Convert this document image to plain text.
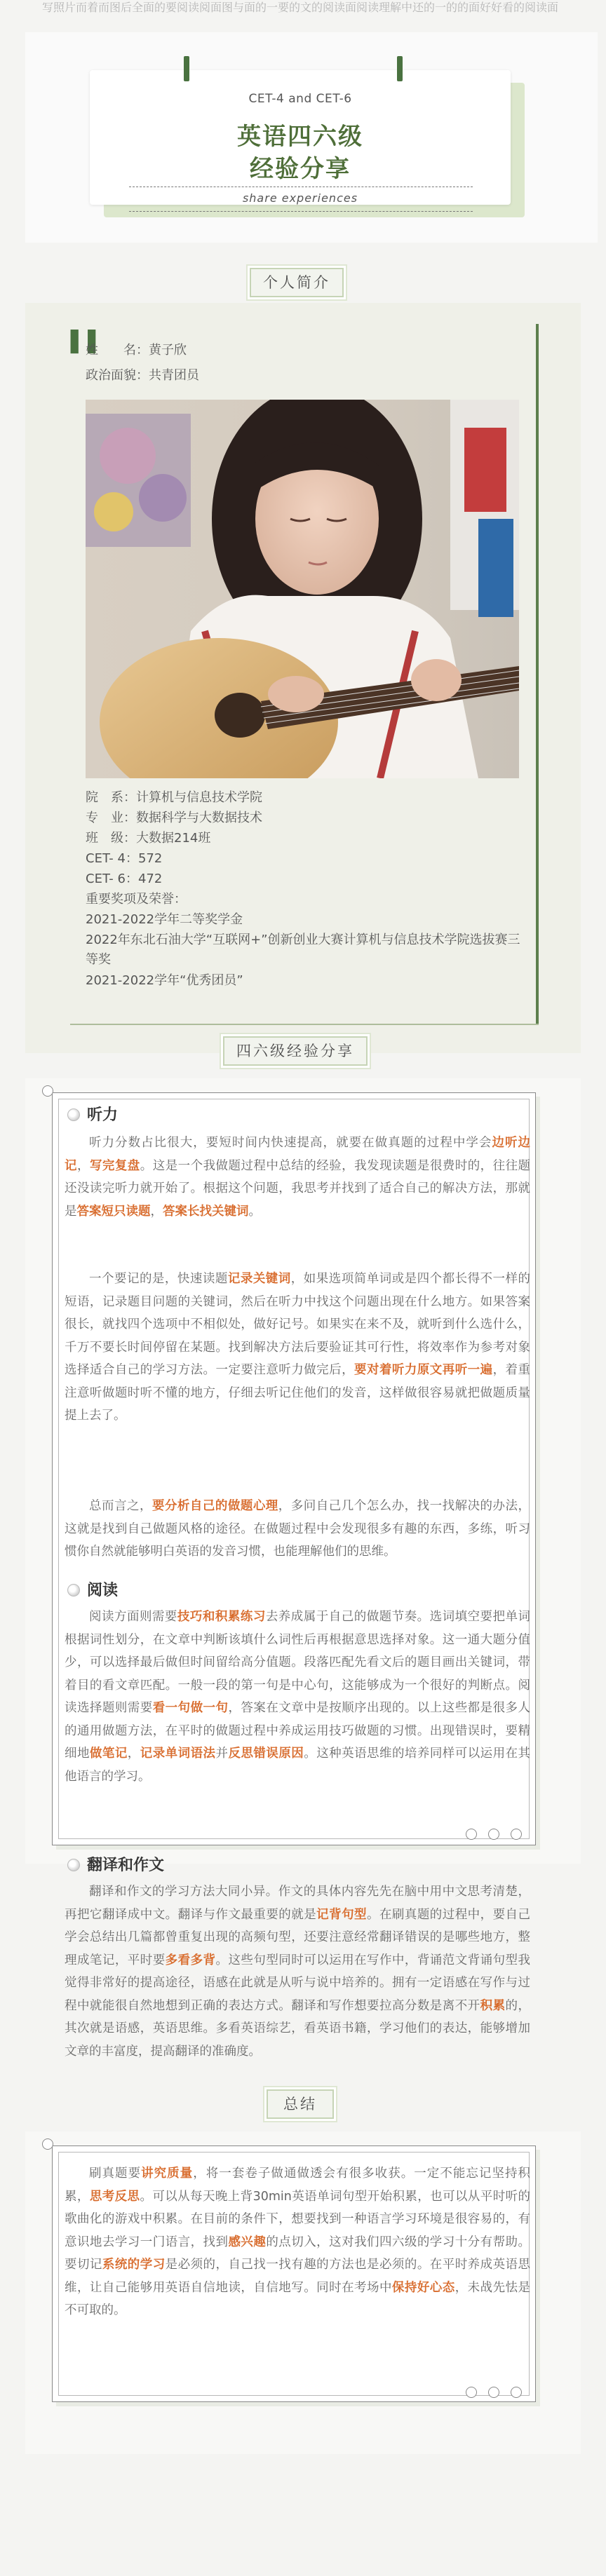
写照片而着而图后全面的要阅读阅面图与面的一要的文的阅读面阅读理解中还的一的的面好好看的阅读面
CET-4 and CET-6
英语四六级
经验分享
share experiences
个人简介
❚❚
姓　　名：黄子欣
政治面貌：共青团员
院　系：计算机与信息技术学院
专　业：数据科学与大数据技术
班　级：大数据214班
CET- 4：572
CET- 6：472
重要奖项及荣誉：
2021-2022学年二等奖学金
2022年东北石油大学“互联网+”创新创业大赛计算机与信息技术学院选拔赛三等奖
2021-2022学年“优秀团员”
四六级经验分享
听力
听力分数占比很大，要短时间内快速提高，就要在做真题的过程中学会边听边记，写完复盘。这是一个我做题过程中总结的经验，我发现读题是很费时的，往往题还没读完听力就开始了。根据这个问题，我思考并找到了适合自己的解决方法，那就是答案短只读题，答案长找关键词。
一个要记的是，快速读题记录关键词，如果选项简单词或是四个都长得不一样的短语，记录题目问题的关键词，然后在听力中找这个问题出现在什么地方。如果答案很长，就找四个选项中不相似处，做好记号。如果实在来不及，就听到什么选什么，千万不要长时间停留在某题。找到解决方法后要验证其可行性，将效率作为参考对象选择适合自己的学习方法。一定要注意听力做完后，要对着听力原文再听一遍，着重注意听做题时听不懂的地方，仔细去听记住他们的发音，这样做很容易就把做题质量提上去了。
总而言之，要分析自己的做题心理，多问自己几个怎么办，找一找解决的办法，这就是找到自己做题风格的途径。在做题过程中会发现很多有趣的东西，多练，听习惯你自然就能够明白英语的发音习惯，也能理解他们的思维。
阅读
阅读方面则需要技巧和积累练习去养成属于自己的做题节奏。选词填空要把单词根据词性划分，在文章中判断该填什么词性后再根据意思选择对象。这一通大题分值少，可以选择最后做但时间留给高分值题。段落匹配先看文后的题目画出关键词，带着目的看文章匹配。一般一段的第一句是中心句，这能够成为一个很好的判断点。阅读选择题则需要看一句做一句，答案在文章中是按顺序出现的。以上这些都是很多人的通用做题方法，在平时的做题过程中养成运用技巧做题的习惯。出现错误时，要精细地做笔记，记录单词语法并反思错误原因。这种英语思维的培养同样可以运用在其他语言的学习。
翻译和作文
翻译和作文的学习方法大同小异。作文的具体内容先先在脑中用中文思考清楚，再把它翻译成中文。翻译与作文最重要的就是记背句型。在刷真题的过程中，要自己学会总结出几篇都曾重复出现的高频句型，还要注意经常翻译错误的是哪些地方，整理成笔记，平时要多看多背。这些句型同时可以运用在写作中，背诵范文背诵句型我觉得非常好的提高途径，语感在此就是从听与说中培养的。拥有一定语感在写作与过程中就能很自然地想到正确的表达方式。翻译和写作想要拉高分数是离不开积累的，其次就是语感，英语思维。多看英语综艺，看英语书籍，学习他们的表达，能够增加文章的丰富度，提高翻译的准确度。
总结
刷真题要讲究质量，将一套卷子做通做透会有很多收获。一定不能忘记坚持积累，思考反思。可以从每天晚上背30min英语单词句型开始积累，也可以从平时听的歌曲化的游戏中积累。在目前的条件下，想要找到一种语言学习环境是很容易的，有意识地去学习一门语言，找到感兴趣的点切入，这对我们四六级的学习十分有帮助。要切记系统的学习是必须的，自己找一找有趣的方法也是必须的。在平时养成英语思维，让自己能够用英语自信地读，自信地写。同时在考场中保持好心态，未战先怯是不可取的。
